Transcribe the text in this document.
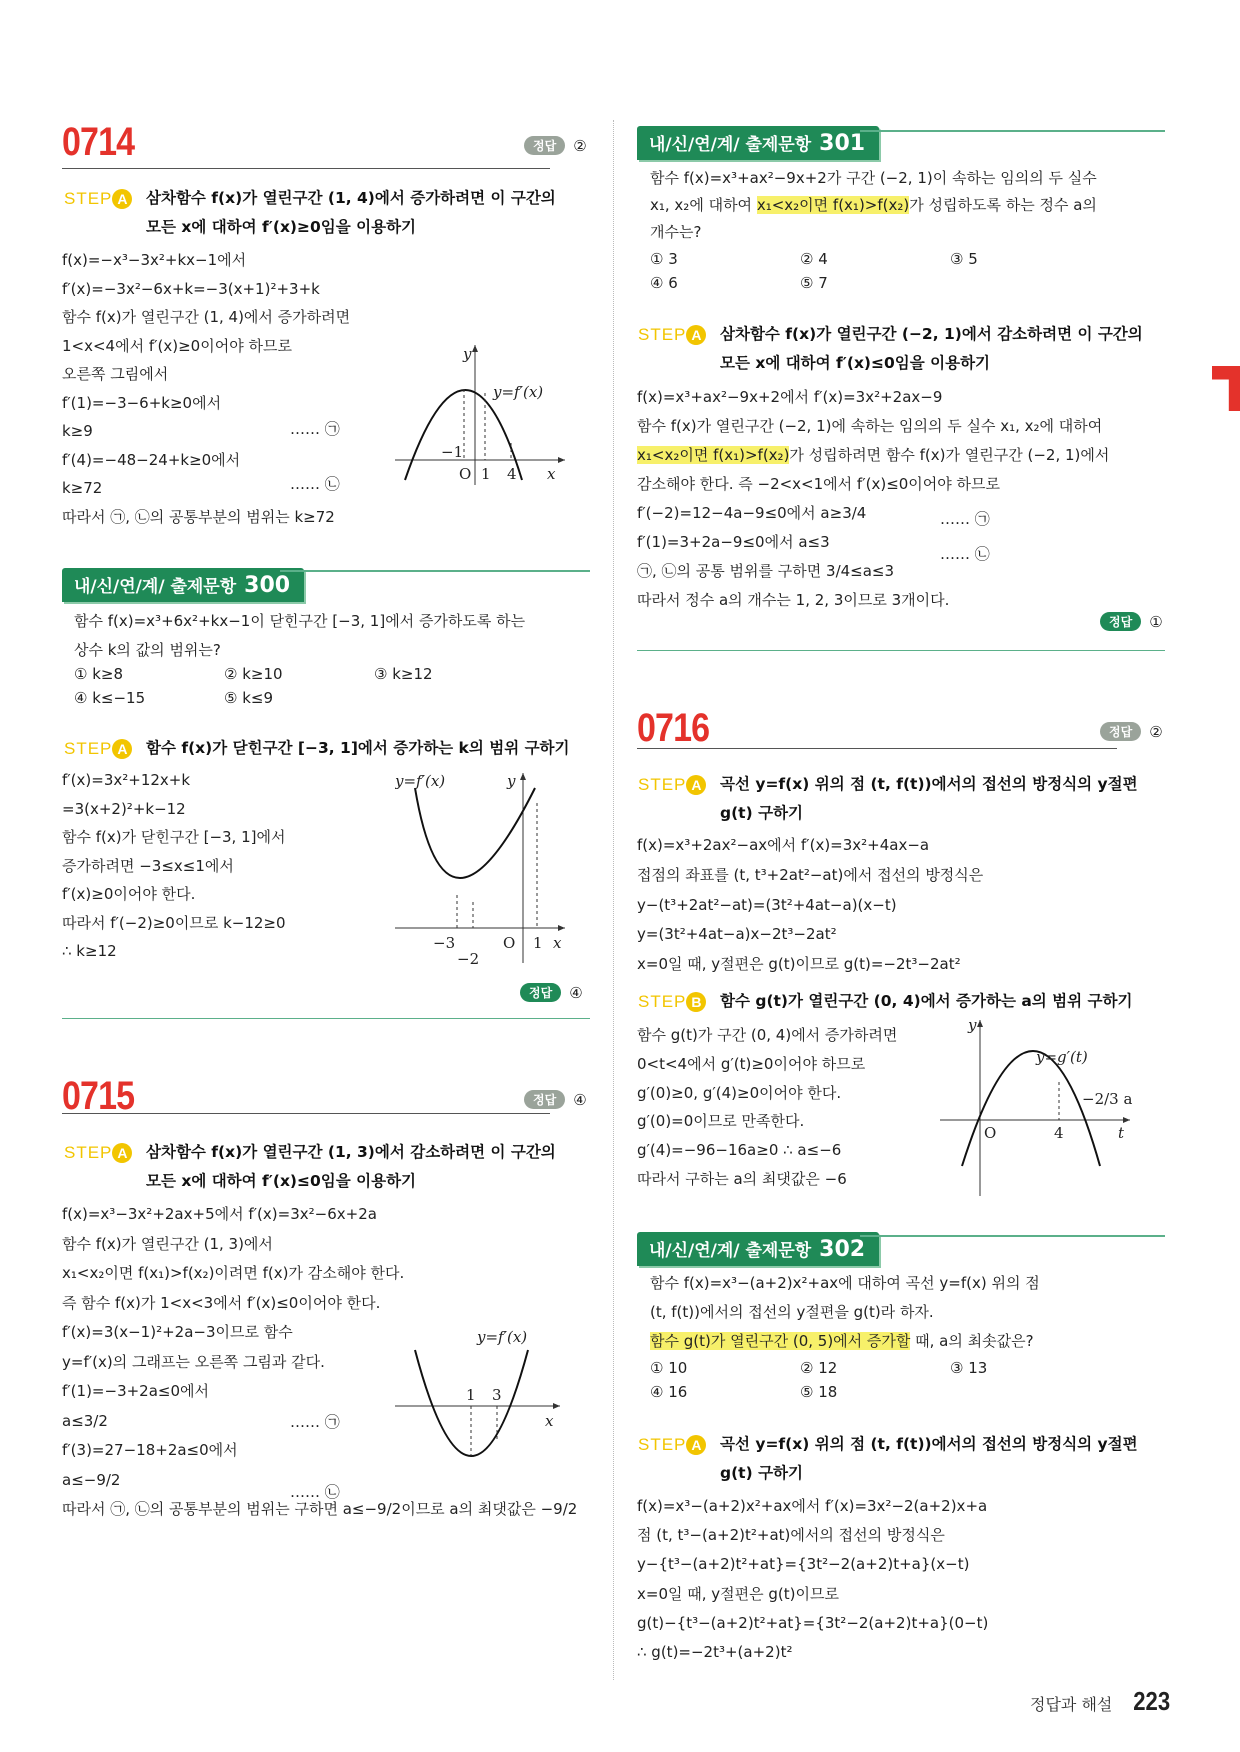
0714	정답	②
STEP A	삼차함수 f(x)가 열린구간 (1, 4)에서 증가하려면 이 구간의
모든 x에 대하여 f′(x)≥0임을 이용하기
f(x)=−x³−3x²+kx−1에서
f′(x)=−3x²−6x+k=−3(x+1)²+3+k
함수 f(x)가 열린구간 (1, 4)에서 증가하려면
1<x<4에서 f′(x)≥0이어야 하므로
오른쪽 그림에서
f′(1)=−3−6+k≥0에서
k≥9
f′(4)=−48−24+k≥0에서
k≥72
따라서 ㉠, ㉡의 공통부분의 범위는 k≥72
…… ㉠
…… ㉡
y
y=f′(x)
−1
O 1 4 x
내/신/연/계/ 출제문항 300
함수 f(x)=x³+6x²+kx−1이 닫힌구간 [−3, 1]에서 증가하도록 하는
상수 k의 값의 범위는?
① k≥8	② k≥10	③ k≥12
④ k≤−15	⑤ k≤9
STEP A	함수 f(x)가 닫힌구간 [−3, 1]에서 증가하는 k의 범위 구하기
f′(x)=3x²+12x+k
=3(x+2)²+k−12
함수 f(x)가 닫힌구간 [−3, 1]에서
증가하려면 −3≤x≤1에서
f′(x)≥0이어야 한다.
따라서 f′(−2)≥0이므로 k−12≥0
∴ k≥12
y=f′(x)	y
−3
−2
O 1 x
정답	④
0715	정답	④
STEP A	삼차함수 f(x)가 열린구간 (1, 3)에서 감소하려면 이 구간의
모든 x에 대하여 f′(x)≤0임을 이용하기
f(x)=x³−3x²+2ax+5에서 f′(x)=3x²−6x+2a
함수 f(x)가 열린구간 (1, 3)에서
x₁<x₂이면 f(x₁)>f(x₂)이려면 f(x)가 감소해야 한다.
즉 함수 f(x)가 1<x<3에서 f′(x)≤0이어야 한다.
f′(x)=3(x−1)²+2a−3이므로 함수
y=f′(x)의 그래프는 오른쪽 그림과 같다.
f′(1)=−3+2a≤0에서
a≤3/2
f′(3)=27−18+2a≤0에서
a≤−9/2
따라서 ㉠, ㉡의 공통부분의 범위는 구하면 a≤−9/2이므로 a의 최댓값은 −9/2
…… ㉠
…… ㉡
y=f′(x)
1 3
x
내/신/연/계/ 출제문항 301
함수 f(x)=x³+ax²−9x+2가 구간 (−2, 1)이 속하는 임의의 두 실수
x₁, x₂에 대하여 x₁<x₂이면 f(x₁)>f(x₂)가 성립하도록 하는 정수 a의
개수는?
① 3	② 4	③ 5
④ 6	⑤ 7
STEP A	삼차함수 f(x)가 열린구간 (−2, 1)에서 감소하려면 이 구간의
모든 x에 대하여 f′(x)≤0임을 이용하기
f(x)=x³+ax²−9x+2에서 f′(x)=3x²+2ax−9
함수 f(x)가 열린구간 (−2, 1)에 속하는 임의의 두 실수 x₁, x₂에 대하여
x₁<x₂이면 f(x₁)>f(x₂)가 성립하려면 함수 f(x)가 열린구간 (−2, 1)에서
감소해야 한다. 즉 −2<x<1에서 f′(x)≤0이어야 하므로
f′(−2)=12−4a−9≤0에서 a≥3/4
f′(1)=3+2a−9≤0에서 a≤3
㉠, ㉡의 공통 범위를 구하면 3/4≤a≤3
따라서 정수 a의 개수는 1, 2, 3이므로 3개이다.
…… ㉠
…… ㉡
정답	①
0716	정답	②
STEP A	곡선 y=f(x) 위의 점 (t, f(t))에서의 접선의 방정식의 y절편
g(t) 구하기
f(x)=x³+2ax²−ax에서 f′(x)=3x²+4ax−a
접점의 좌표를 (t, t³+2at²−at)에서 접선의 방정식은
y−(t³+2at²−at)=(3t²+4at−a)(x−t)
y=(3t²+4at−a)x−2t³−2at²
x=0일 때, y절편은 g(t)이므로 g(t)=−2t³−2at²
STEP B	함수 g(t)가 열린구간 (0, 4)에서 증가하는 a의 범위 구하기
함수 g(t)가 구간 (0, 4)에서 증가하려면
0<t<4에서 g′(t)≥0이어야 하므로
g′(0)≥0, g′(4)≥0이어야 한다.
g′(0)=0이므로 만족한다.
g′(4)=−96−16a≥0 ∴ a≤−6
따라서 구하는 a의 최댓값은 −6
y
y=g′(t)
O	4
−2/3 a
t
내/신/연/계/ 출제문항 302
함수 f(x)=x³−(a+2)x²+ax에 대하여 곡선 y=f(x) 위의 점
(t, f(t))에서의 접선의 y절편을 g(t)라 하자.
함수 g(t)가 열린구간 (0, 5)에서 증가할 때, a의 최솟값은?
① 10	② 12	③ 13
④ 16	⑤ 18
STEP A	곡선 y=f(x) 위의 점 (t, f(t))에서의 접선의 방정식의 y절편
g(t) 구하기
f(x)=x³−(a+2)x²+ax에서 f′(x)=3x²−2(a+2)x+a
점 (t, t³−(a+2)t²+at)에서의 접선의 방정식은
y−{t³−(a+2)t²+at}={3t²−2(a+2)t+a}(x−t)
x=0일 때, y절편은 g(t)이므로
g(t)−{t³−(a+2)t²+at}={3t²−2(a+2)t+a}(0−t)
∴ g(t)=−2t³+(a+2)t²
정답과 해설 223
